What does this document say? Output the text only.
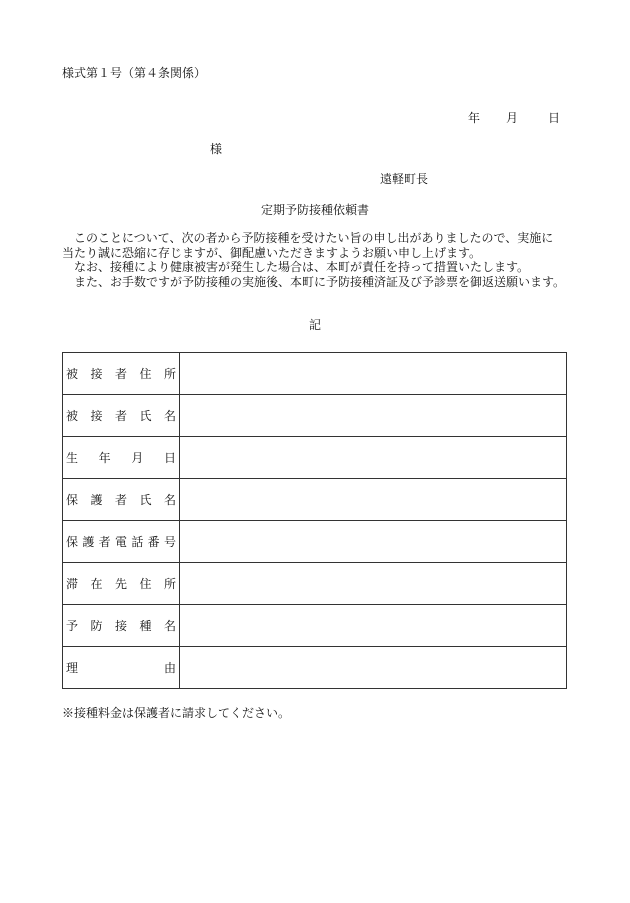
様式第１号（第４条関係）
年 月 日
様
遠軽町長
定期予防接種依頼書

このことについて、次の者から予防接種を受けたい旨の申し出がありましたので、実施に

当たり誠に恐縮に存じますが、御配慮いただきますようお願い申し上げます。

なお、接種により健康被害が発生した場合は、本町が責任を持って措置いたします。

また、お手数ですが予防接種の実施後、本町に予防接種済証及び予診票を御返送願います。

記
被接者住所	

被接者氏名	

生年月日	

保護者氏名	

保護者電話番号	

滞在先住所	

予防接種名	

理由	

※接種料金は保護者に請求してください。
